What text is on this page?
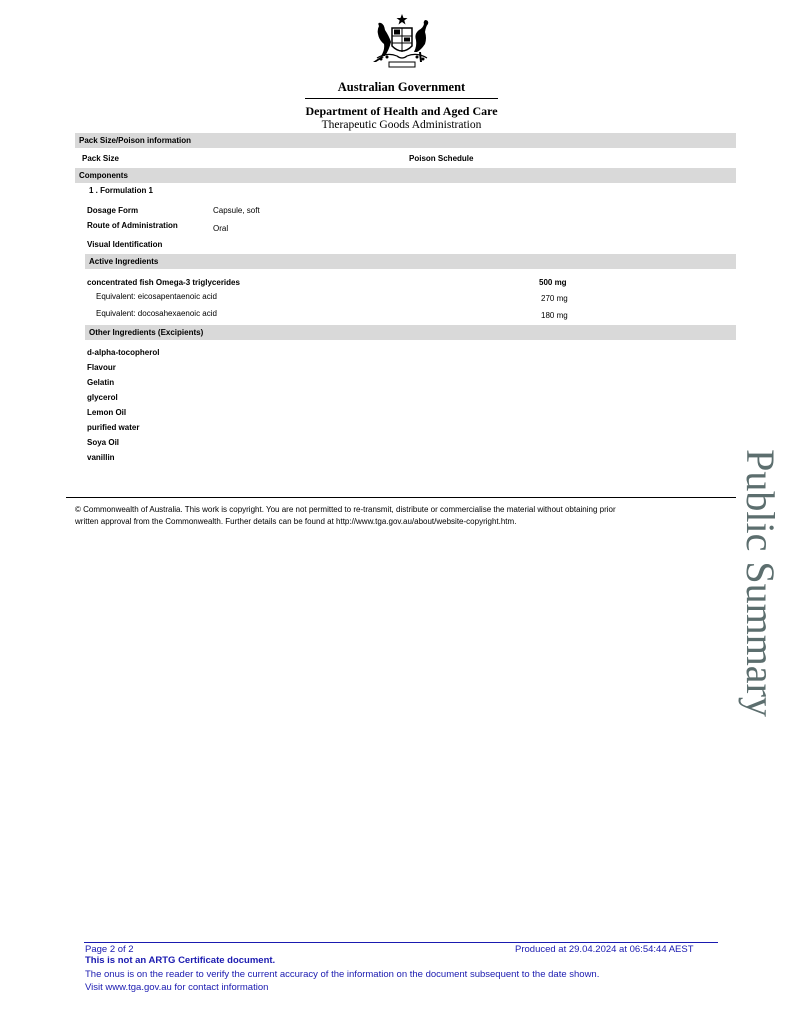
Australian Government
Department of Health and Aged Care
Therapeutic Goods Administration
Pack Size/Poison information
Pack Size	Poison Schedule
Components
1 . Formulation 1
Dosage Form	Capsule, soft
Route of Administration	Oral
Visual Identification
Active Ingredients
concentrated fish Omega-3 triglycerides	500 mg
Equivalent: eicosapentaenoic acid	270 mg
Equivalent: docosahexaenoic acid	180 mg
Other Ingredients (Excipients)
d-alpha-tocopherol
Flavour
Gelatin
glycerol
Lemon Oil
purified water
Soya Oil
vanillin
© Commonwealth of Australia. This work is copyright. You are not permitted to re-transmit, distribute or commercialise the material without obtaining prior
written approval from the Commonwealth. Further details can be found at http://www.tga.gov.au/about/website-copyright.htm.	Public Summary
Page 2 of 2	Produced at 29.04.2024 at 06:54:44 AEST
This is not an ARTG Certificate document.
The onus is on the reader to verify the current accuracy of the information on the document subsequent to the date shown.
Visit www.tga.gov.au for contact information
